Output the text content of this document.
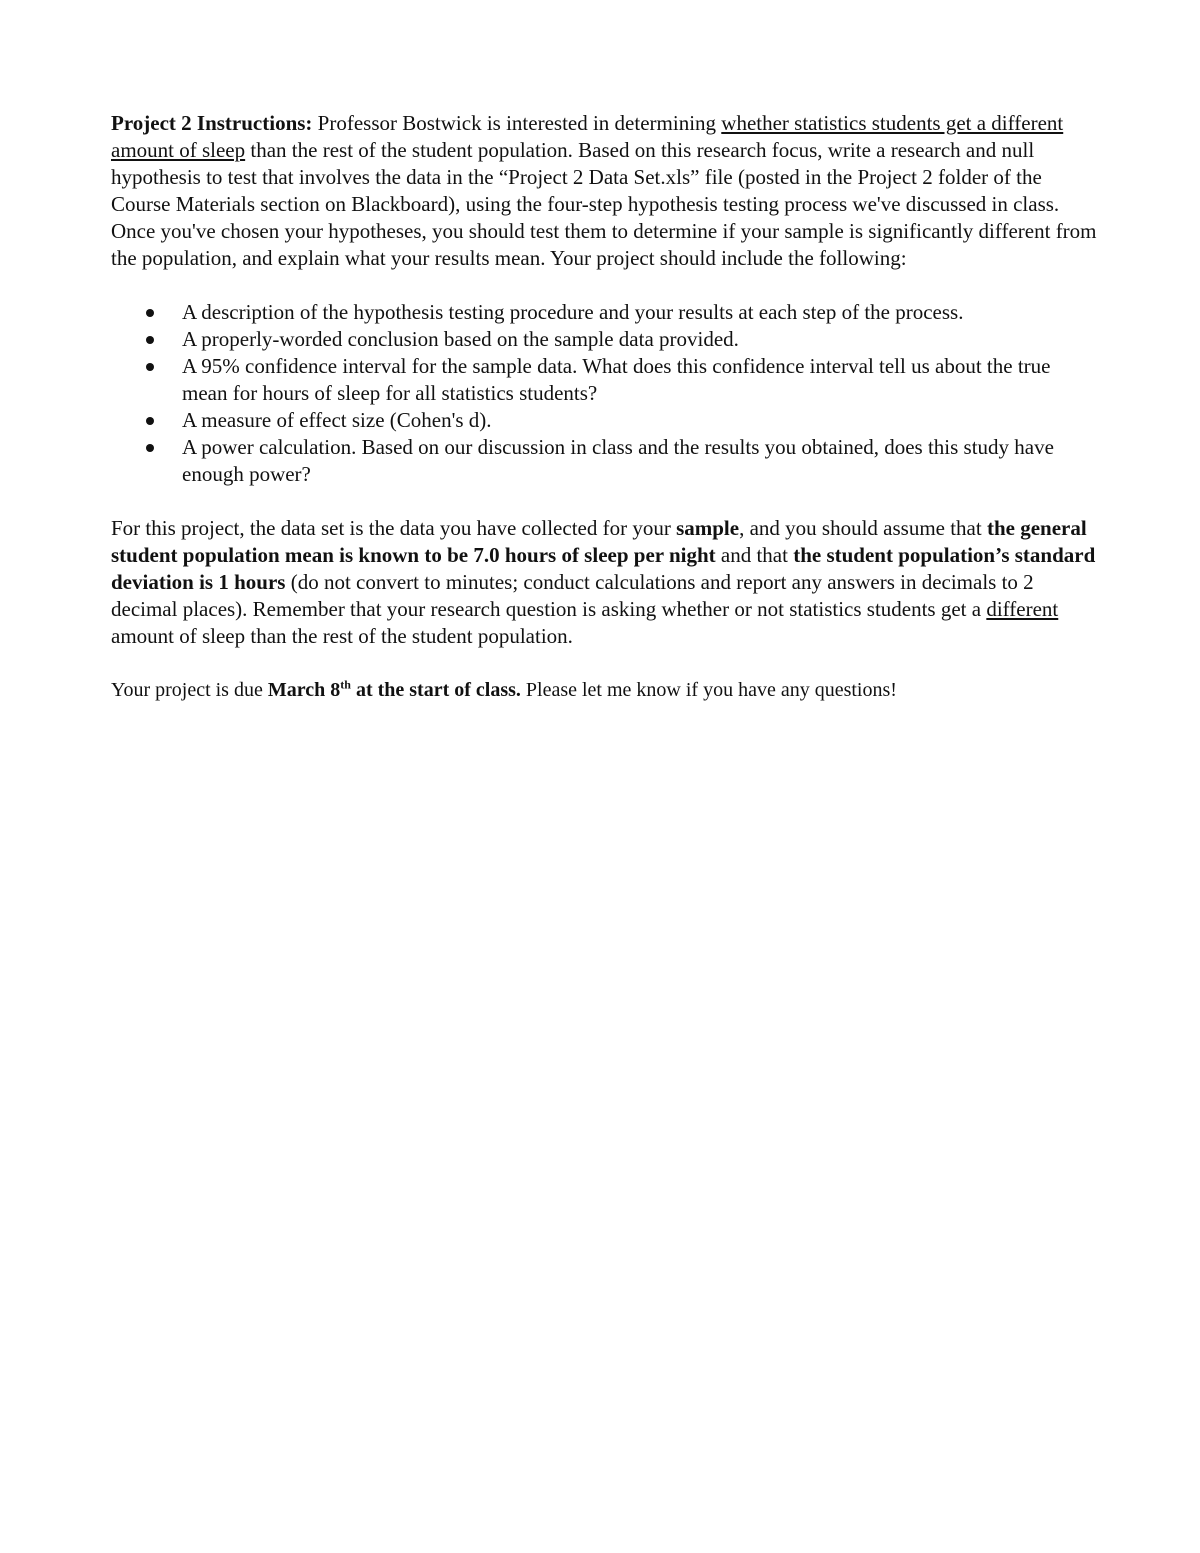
Project 2 Instructions: Professor Bostwick is interested in determining whether statistics students get a different amount of sleep than the rest of the student population. Based on this research focus, write a research and null hypothesis to test that involves the data in the “Project 2 Data Set.xls” file (posted in the Project 2 folder of the Course Materials section on Blackboard), using the four-step hypothesis testing process we've discussed in class. Once you've chosen your hypotheses, you should test them to determine if your sample is significantly different from the population, and explain what your results mean. Your project should include the following:

A description of the hypothesis testing procedure and your results at each step of the process.
A properly-worded conclusion based on the sample data provided.
A 95% confidence interval for the sample data. What does this confidence interval tell us about the true mean for hours of sleep for all statistics students?
A measure of effect size (Cohen's d).
A power calculation. Based on our discussion in class and the results you obtained, does this study have enough power?

For this project, the data set is the data you have collected for your sample, and you should assume that the general student population mean is known to be 7.0 hours of sleep per night and that the student population’s standard deviation is 1 hours (do not convert to minutes; conduct calculations and report any answers in decimals to 2 decimal places). Remember that your research question is asking whether or not statistics students get a different amount of sleep than the rest of the student population.

Your project is due March 8th at the start of class. Please let me know if you have any questions!
